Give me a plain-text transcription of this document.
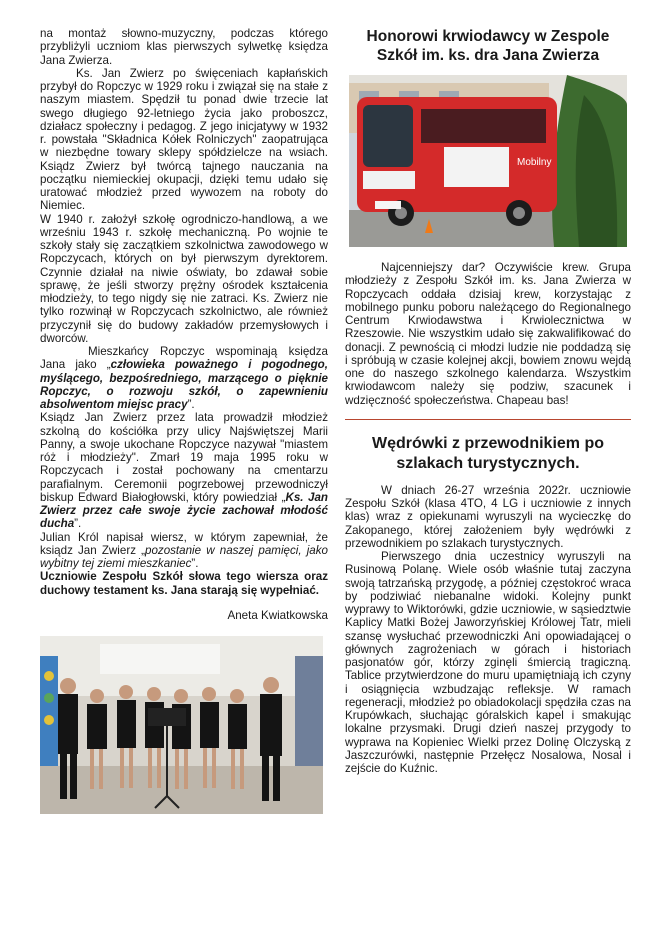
na montaż słowno-muzyczny, podczas którego przybliżyli uczniom klas pierwszych sylwetkę księdza Jana Zwierza.

Ks. Jan Zwierz po święceniach kapłańskich przybył do Ropczyc w 1929 roku i związał się na stałe z naszym miastem. Spędził tu ponad dwie trzecie lat swego długiego 92-letniego życia jako proboszcz, działacz społeczny i pedagog. Z jego inicjatywy w 1932 r. powstała "Składnica Kółek Rolniczych" zaopatrująca w niezbędne towary sklepy spółdzielcze na wsiach. Ksiądz Zwierz był twórcą tajnego nauczania na początku niemieckiej okupacji, dzięki temu udało się uratować młodzież przed wywozem na roboty do Niemiec.

W 1940 r. założył szkołę ogrodniczo-handlową, a we wrześniu 1943 r. szkołę mechaniczną. Po wojnie te szkoły stały się zaczątkiem szkolnictwa zawodowego w Ropczycach, których on był pierwszym dyrektorem. Czynnie działał na niwie oświaty, bo zdawał sobie sprawę, że jeśli stworzy prężny ośrodek kształcenia młodzieży, to tego nigdy się nie zatraci. Ks. Zwierz nie tylko rozwinął w Ropczycach szkolnictwo, ale również przyczynił się do budowy zakładów przemysłowych i dworców.

Mieszkańcy Ropczyc wspominają księdza Jana jako „człowieka poważnego i pogodnego, myślącego, bezpośredniego, marzącego o pięknie Ropczyc, o rozwoju szkół, o zapewnieniu absolwentom miejsc pracy”.

Ksiądz Jan Zwierz przez lata prowadził młodzież szkolną do kościółka przy ulicy Najświętszej Marii Panny, a swoje ukochane Ropczyce nazywał "miastem róż i młodzieży". Zmarł 19 maja 1995 roku w Ropczycach i został pochowany na cmentarzu parafialnym. Ceremonii pogrzebowej przewodniczył biskup Edward Białogłowski, który powiedział „Ks. Jan Zwierz przez całe swoje życie zachował młodość ducha”.

Julian Król napisał wiersz, w którym zapewniał, że ksiądz Jan Zwierz „pozostanie w naszej pamięci, jako wybitny tej ziemi mieszkaniec”.

Uczniowie Zespołu Szkół słowa tego wiersza oraz duchowy testament ks. Jana starają się wypełniać.

Aneta Kwiatkowska

Honorowi krwiodawcy w Zespole Szkół im. ks. dra Jana Zwierza
Mobilny

Najcenniejszy dar? Oczywiście krew. Grupa młodzieży z Zespołu Szkół im. ks. Jana Zwierza w Ropczycach oddała dzisiaj krew, korzystając z mobilnego punku poboru należącego do Regionalnego Centrum Krwiodawstwa i Krwiolecznictwa w Rzeszowie. Nie wszystkim udało się zakwalifikować do donacji. Z pewnością ci młodzi ludzie nie poddadzą się i spróbują w czasie kolejnej akcji, bowiem znowu wejdą one do naszego szkolnego kalendarza. Wszystkim krwiodawcom należy się podziw, szacunek i wdzięczność społeczeństwa. Chapeau bas!

Wędrówki z przewodnikiem po szlakach turystycznych.

W dniach 26-27 września 2022r. uczniowie Zespołu Szkół (klasa 4TO, 4 LG i uczniowie z innych klas) wraz z opiekunami wyruszyli na wycieczkę do Zakopanego, której założeniem były wędrówki z przewodnikiem po szlakach turystycznych.

Pierwszego dnia uczestnicy wyruszyli na Rusinową Polanę. Wiele osób właśnie tutaj zaczyna swoją tatrzańską przygodę, a później częstokroć wraca by podziwiać niebanalne widoki. Kolejny punkt wyprawy to Wiktorówki, gdzie uczniowie, w sąsiedztwie Kaplicy Matki Bożej Jaworzyńskiej Królowej Tatr, mieli szansę wysłuchać przewodniczki Ani opowiadającej o głównych zagrożeniach w górach i historiach pasjonatów gór, którzy zginęli śmiercią tragiczną. Tablice przytwierdzone do muru upamiętniają ich czyny i osiągnięcia wzbudzając refleksje. W ramach regeneracji, młodzież po obiadokolacji spędziła czas na Krupówkach, słuchając góralskich kapel i smakując lokalne przysmaki. Drugi dzień naszej przygody to wyprawa na Kopieniec Wielki przez Dolinę Olczyską z Jaszczurówki, następnie Przełęcz Nosalowa, Nosal i zejście do Kuźnic.
